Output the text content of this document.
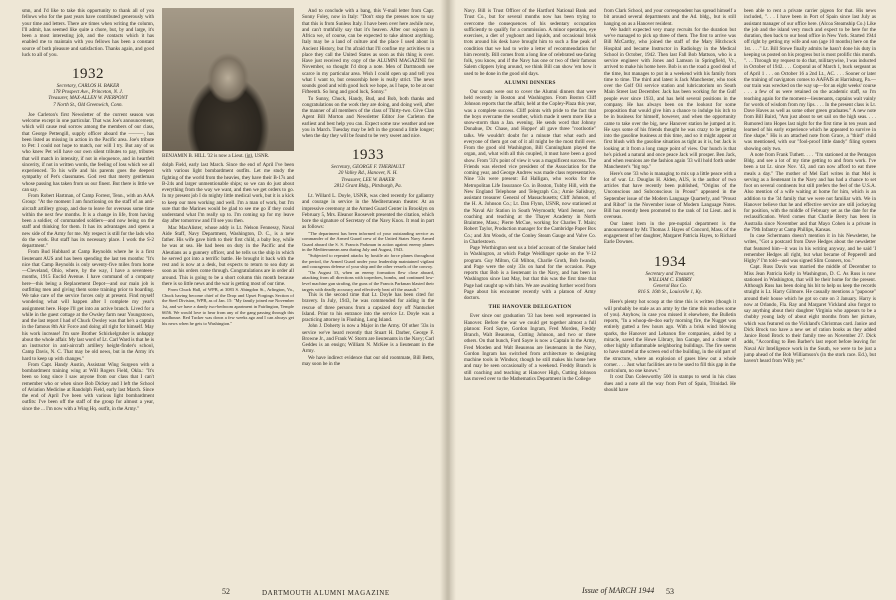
smn, and I'd like to take this opportunity to thank all of you fellows who for the past years have contributed generously with your time and letters. There are times when writing the column, I'll admit, has seemed like quite a chore, but, by and large, it's been a most interesting job, and the contacts which it has enabled me to maintain with you fellows has been a constant source of both pleasure and satisfaction. Thanks again, and good luck to all of you.

1932
Secretary, CARLOS H. BAKER
178 Prospect Ave., Princeton, N. J.
Treasurer, MAX-ALLEN W. PIERPONT
7 North St., Old Greenwich, Conn.

Joe Carleton's first Newsletter of the current season was welcome except in one particular. That was Joe's announcement, which will cause real sorrow among the members of our class, that George Pettengill, supply officer aboard the ———, has been listed as missing in action in the Pacific area. Joe's tribute to Pet: I could not hope to match, nor will I try. But any of us who knew Pet will have our own silent tributes to pay, tributes that will match in intensity, if not in eloquence, and in heartfelt sincerity, if not in written words, the feeling of loss which we all experienced. To his wife and his parents goes the deepest sympathy of Pet's classmates. God rest that merry gentleman whose passing has taken from us our finest. But there is little we can say.

From Robert Hartman, of Camp Forrest, Tenn., with an AAA Group: "At the moment I am functioning on the staff of an anti-aircraft artillery group, and due to leave for overseas some time within the next few months. It is a change in life, from having been a soldier, of commanded soldiers—and now being on the staff and thinking for them. It has its advantages and opens a new side of the Army for me. My respect is still for the lads who do the work. But staff has its necessary place. I work the S-2 department."

From Bud Hubbard at Camp Reynolds where he is a first lieutenant AUS and has been spending the last ten months: "It's nice that Camp Reynolds is only seventy-five miles from home—Cleveland, Ohio, where, by the way, I have a seventeen-months, 1915 Euclid Avenue. I have command of a company here—this being a Replacement Depot—and our main job is outfitting men and giving them some training prior to boarding. We take care of the service forces only at present. Find myself wondering what will happen after I complete my year's assignment here. Hope I'll get into an active branch. Lived for a while in the guest cottage at the Owsley farm near Youngstown, and the last report I had of Chuck Owsley was that he's a captain in the famous 8th Air Force and doing all right for himself. May his work increase! I'm sure Brother Schickelgruber is unhappy about the whole affair. My last word of Lt. Carl Ward is that he is an instructor in anti-aircraft artillery height-finder's school, Camp Davis, N. C. That may be old news, but in the Army it's hard to keep up with changes."

From Capt. Handy Austin, Assistant Wing Surgeon with a bombardment training wing at Will Rogers Field, Okla.: "It's been so long since I saw anyone from our class that I can't remember who or when since Bob Dickey and I left the School of Aviation Medicine at Randolph Field, early last March. Since the end of April I've been with various light bombardment outfits: I've been off the staff of the group for almost a year, since the ... I'm now with a Wing Hq. outfit, in the Army."

BENJAMIN B. HILL '32 is now a Lieut. (jg), USNR.

dolph Field, early last March. Since the end of April I've been with various light bombardment outfits. Let me study the fighting of the world from the heavies, they have their B-17s and B-24s and larger unmentionable ships; so we can do just about everything from the way we want, and then we get orders to go. In my present job I do mighty little medical work, but it is a kick to keep our men working and well. I'm a man of work, but I'm sure that the Marines would be glad to see me go if they could understand what I'm really up to. I'm coming up for my leave day after tomorrow and I'll see you then.

Mac MacAlister, whose addy is Lt. Nelson Fennessy, Naval Aide Staff, Navy Department, Washington, D. C., is a new father. His wife gave birth to their first child, a baby boy, while he was at sea. He had been on duty in the Pacific and the Aleutians as a gunnery officer, and he tells us the ship in which he served got into a terrific battle. He brought it back with the rest and is now at a desk, but expects to return to sea duty as soon as his orders come through. Congratulations are in order all around. This is going to be a short column this month because there is so little news and the war is getting most of our time.

From Chuck Hall, of WPB, at 3083 S. Abingdon St., Arlington, Va., Chuck having become chief of the Drop and Upset Forgings Section of the Steel Division, WPB, as of Jan. 15: "My family joined me November 1st, and we have a dandy two-bedroom apartment in Fairlington, Temple 6656. We would love to hear from any of the gang passing through this madhouse. Red Tucker was down a few weeks ago and I can always get his news when he gets to Washington."

And to conclude with a bang, this V-mail letter from Capt. Sonny Foley, now in Italy: "Don't stop the presses now to say that this is from Sunless Italy. I have been over here awhile now, and can't truthfully say that it's heaven. After our sojourn in Africa we, of course, can be expected to take almost anything. Italy may be a land of culture and the place I used about in Ancient History, but I'm afraid that I'll confine my activities to a place they call the United States as soon as this thing is over. Have just received my copy of the ALUMNI MAGAZINE for November, so thought I'd drop a note. Men of Dartmouth see scarce in my particular area. Wish I could open up and tell you what I want to, but censorship here is really strict. The news sounds good and with good luck we hope, as I hope, to be at our Fifteenth. So long and good luck, Sonny."

To Sunny, Chuck, Handy, Bud, and Bob, both thanks and congratulations on the work they are doing, and doing well, after the manner of all members of the class of Thirty-two. Give Clan Agent Bill Morton and Newsletter Editor Joe Carleton the earliest and best help you can. Expect some raw weather and see you in March. Tuesday may be left in the ground a little longer; when the day they will be found to be very sweet and nice.

1933
Secretary, GEORGE F. THERIAULT
20 Valley Rd., Hanover, N. H.
Treasurer, LEE W. BAKER
2812 Grant Bldg., Pittsburgh, Pa.

Lt. Willard L. Doyle, USNR, was cited recently for gallantry and courage in service in the Mediterranean theater. At an impressive ceremony at the Armed Guard Center in Brooklyn on February 5, Mrs. Eleanor Roosevelt presented the citation, which bore the signature of Secretary of the Navy Knox. It read in part as follows:

"The department has been informed of your outstanding service as commander of the Armed Guard crew of the United States Navy Armed Guard aboard the S. S. Francis Parkman in action against enemy planes in the Mediterranean area during July and August, 1943.

"Subjected to repeated attacks by hostile air force planes throughout the period, the Armed Guard under your leadership maintained vigilant and courageous defense of your ship and the other vessels of the convoy.

"On August 13, when an enemy formation flew close aboard, attacking from all directions with torpedoes, bombs, and continued low-level machine gun strafing, the guns of the Francis Parkman blasted their targets with deadly accuracy and effectively beat off the assault."

This is the second time that Lt. Doyle has been cited for bravery. In July, 1943, he was commended for aiding in the rescue of three persons from a capsized dory off Nantucket Island. Prior to his entrance into the service Lt. Doyle was a practicing attorney in Flushing, Long Island.

John J. Doherty is now a Major in the Army. Of other '33s in service we've heard recently that Stuart H. Darber, George F. Browne Jr., and Frank W. Storm are lieutenants in the Navy; Carl Geddes is an ensign; William N. McKee is a lieutenant in the Army.

We have indirect evidence that our old roommate, Bill Betts, may soon be in the

52	DARTMOUTH ALUMNI MAGAZINE

Navy. Bill is Trust Officer of the Hartford National Bank and Trust Co., but for several months now has been trying to overcome the consequences of his sedentary occupation sufficiently to qualify for a commission. A minor operation, eye exercises, a diet of yoghourt and liquids, and occasional brisk trots around his desk have brought him to such a fine peak of condition that we had to write a letter of recommendation for him recently. Bill comes from a long line of celebrated sea-faring folk, you know, and if the Navy has one or two of their famous Salem clippers lying around, we think Bill can show 'em how it used to be done in the good old days.

ALUMNI DINNERS

Our scouts were out to cover the Alumni dinners that were held recently in Boston and Washington. From Boston Cliff Johnson reports that the affair, held at the Copley-Plaza this year, was a complete success. Cliff points with pride to the fact that the boys overcame the weather, which made it seem more like a snow-storm than a Jan. evening. He sends word that Johnny Donahue, Dr. Chase, and Hopper' all gave three "rootlootie" talks. We wouldn't doubt for a minute that what each and everyone of them got out of it all might be the most thrill ever. From the good old Washington, Bill Cunningham played the organ, and, what with all this coupled, it must have been a good show. From '33's point of view it was a magnificent success. The Friends was elected vice president of the Association for the coming year, and George Andrew was made class representative. Nine '33s were present: Ed Halligan, who works for the Metropolitan Life Insurance Co. in Boston, Tubby Hill, with the New England Telephone and Telegraph Co.; Arnie Salisbury, assistant treasurer General of Massachusetts; Cliff Johnson, of the H. A. Johnson Co.; Lt. Dan Flynn, USNR, now stationed at the Naval Air Station in South Weymouth; Ward Jenner, now coaching and teaching at the Thayer Academy in North Braintree, Mass.; Pierre McCue, working for Charles T. Main; Robert Taylor, Production manager for the Cambridge Paper Box Co.; and Jim Woods, of the Conley Steam Gauge and Valve Co. in Charlestown.

Page Worthington sent us a brief account of the Smoker held in Washington, at which Padge Weidlinger spoke on the V-12 program. Guy Milton, Gil Milton, Charlie Groth, Bob Iwanda, and Page were the only 33s on hand for the occasion. Page reports that Bob is a lieutenant in the Navy, and has been in Washington since last May, but that this was the first time that Page had caught up with him. We are awaiting further word from Page about his encounter recently with a platoon of Army doctors.

THE HANOVER DELEGATION

Ever since our graduation '33 has been well represented in Hanover. Before the war we could get together almost a full platoon: Ford Sayre, Gordon Ingram, Fred Morden, Freddy Branch, Walt Beaureau, Cutting Johnson, and two or three others. On that bunch, Ford Sayre is now a Captain in the Army, Fred Morden and Walt Beaureau are lieutenants in the Navy, Gordon Ingram has switched from architecture to designing machine tools in Windsor, though he still makes his home here and may be seen occasionally of a weekend. Freddy Branch is still coaching and teaching at Hanover High, Cutting Johnson has moved over to the Mathematics Department in the College

from Clark School, and your correspondent has spread himself a bit around several departments and the Ad. bldg., but is still hanging on as a Hanover resident.

We hadn't expected very many recruits for the duration but we've managed to pick up three of them. The first to arrive was Bill McCarthy, who joined the staff of the Mary Hitchcock Hospital and became Instructor in Radiology in the Medical School in October, 1942. Then last Fall Bob Mattson, who is a service engineer with Jones and Lamson in Springfield, Vt., arrived to make his home here. Bob is on the road a good deal of the time, but manages to put in a weekend with his family from time to time. The third and latest is Jack Manchester, who took over the Golf Oil service station and lubricatorium on South Main Street last December. Jack has been working for the Gulf people ever since 1933, and has held several positions in the company. He has always been on the lookout for some proposition that would give him a chance to indulge his itch to be in business for himself, however, and when the opportunity came to take over the big, new Hanover station he jumped at it. He says some of his friends thought he was crazy to be getting into the gasoline business at this time, and so it might appear at first blush with the gasoline situation as tight as it is, but Jack is looking at it from a long range point of view. Our hunch is that he's picked a natural and once peace Jack will prosper. Ben Jack, and when reunions are the fashion again '33 will hold forth under Manchester's "big top."

Here's one '33 who is managing to mix up a little peace with a lot of war. Lt. Douglas H. Alden, AUS, is the author of two articles that have recently been published, "Origins of the Unconscious and Subconscious in Proust" appeared in the September issue of the Modern Language Quarterly, and "Proust and Ribot" in the November issue of Modern Language Notes. Bill has recently been promoted to the rank of 1st Lieut. and is overseas.

Our latest item in the pre-nuptial department is the announcement by Mr. Thomas J. Hayes of Concord, Mass. of the engagement of her daughter, Margaret Patricia Hayes, to Richard Earle Downes.

1934
Secretary and Treasurer,
WILLIAM C. EMBRY
General Box Co.
816 S. 16th St., Louisville 1, Ky.

Here's plenty hot scoop at the time this is written (though it will probably be stale as an army by the time this reaches some of you). Anyhow, in case you missed it elsewhere, the Bulletin reports, "In a whoop-de-doo early morning fire, the Nugget was entirely gutted a few hours ago. With a brisk wind blowing sparks, the Hanover and Lebanon fire companies, aided by a miracle, saved the Howe Library, Inn Garage, and a cluster of other highly inflammable neighboring buildings. The fire seems to have started at the screen end of the building, in the old part of the structure, where an explosion of gases blew out a whole corner. . . . Just what facilities are to be used to fill this gap in the curriculum, no one knows."

It cost Dan Colesworthy 500 in stamps to send in his class dues and a note all the way from Port of Spain, Trinidad. He should have

been able to rent a private carrier pigeon for that. His news included, ". . . I have been in Port of Spain since last July as assistant manager of our office here. (Alcoa Steamship Co.) Like the job and the island very much and expect to be here for the duration, then back to our head office in New York. Started 1944 off right by getting my wife and son (age 10 months) here on the 1st. . . ." Lt. Bill Stowe finally admits he hasn't done his duty in keeping us posted on his progress but is most prolific this month. ". . . Through my request to do that, militarywise, I was inducted in October of 1942. . . . Corporal as of March 1, buck sergeant as of April 1 . . . on October 16 a 2nd Lt., AC. . . . Sooner or later the training of navigators comes to AAFAIS at Harrisburg, Pa.—our train was wrecked on the way up—for an eight weeks' course . . . a few of us were retained on the academic staff, so I'm teaching again for the moment—lieutenants, captains wait vainly for words of wisdom from my lips. . . . In the present class is Lt. Dave Haves as well as some other green graduates." A new note from Bill Baird, "Am just about to set sail on the high seas. . . . Rumored into Hopes last night for the first time in ten years and learned of his early experience which he appeared to survive in fine shape." His is an attached note from Grace, a "third" child was mentioned, with our "fool-proof little dandy" filing system showing only two.

A note from Frank Tuthett. . . . "I'm stationed at the Pentagon Bldg. and see a lot of my time getting to and from work. I've been a tat Lt. since Nov. '43, and can now afford to eat three meals a day." The mother of Mel Earl writes in that Mel is serving as a lieutenant in the Navy and has had a chance to set foot on several continents but still prefers the feel of the U.S.A. Also mention of a wife waiting at home for him, which is an addition to the '34 family that we were not familiar with. We in Hanover believe that he and effective service are still jockeying for position, with the middle of February set as the date for the reclassification. Word comes that Charlie Berry has been in Australia since November and that Mayo Cohen is a private in the 79th Infantry at Camp Phillips, Kansas.

In case Schermann doesn't mention it in his Newsletter, he writes, "Got a postcard from Dave Hedges about the newsletter that featured him—it was in his writing anyway, and he said 'I remember Hedges all right, but what became of Pepperell and Higby?' I'm told—and was signed Slim Conners, too."

Capt. Russ Davis was married the middle of December to Miss Jean Patricia Kelly in Washington, D. C. As Russ is now stationed in Washington, that will be their home for the present. Although Russ has been doing his bit to help us keep the records straight is Lt. Harry Gilmore. He casually mentions a "papoose" around their house which he got so cute on 3 January. Harry is now at Orlando, Fla. Ray and Margaret Vickland also forgot to say anything about their daughter Virginia who appears to be a chubby young lady of about eight months from her picture, which was featured on the Vickland's Christmas card. Janice and Dick Brock too have a new set of ration books as they added Janice Bond Brock to their family tree on November 27. Dick adds, "According to Ben Barber's last report before leaving for Naval Air Intelligence work in the South, we were to be just a jump ahead of the Bob Williamson's (in the stork race. Ed.), but haven't heard from Willy yet."

Issue of MARCH 1944 53
